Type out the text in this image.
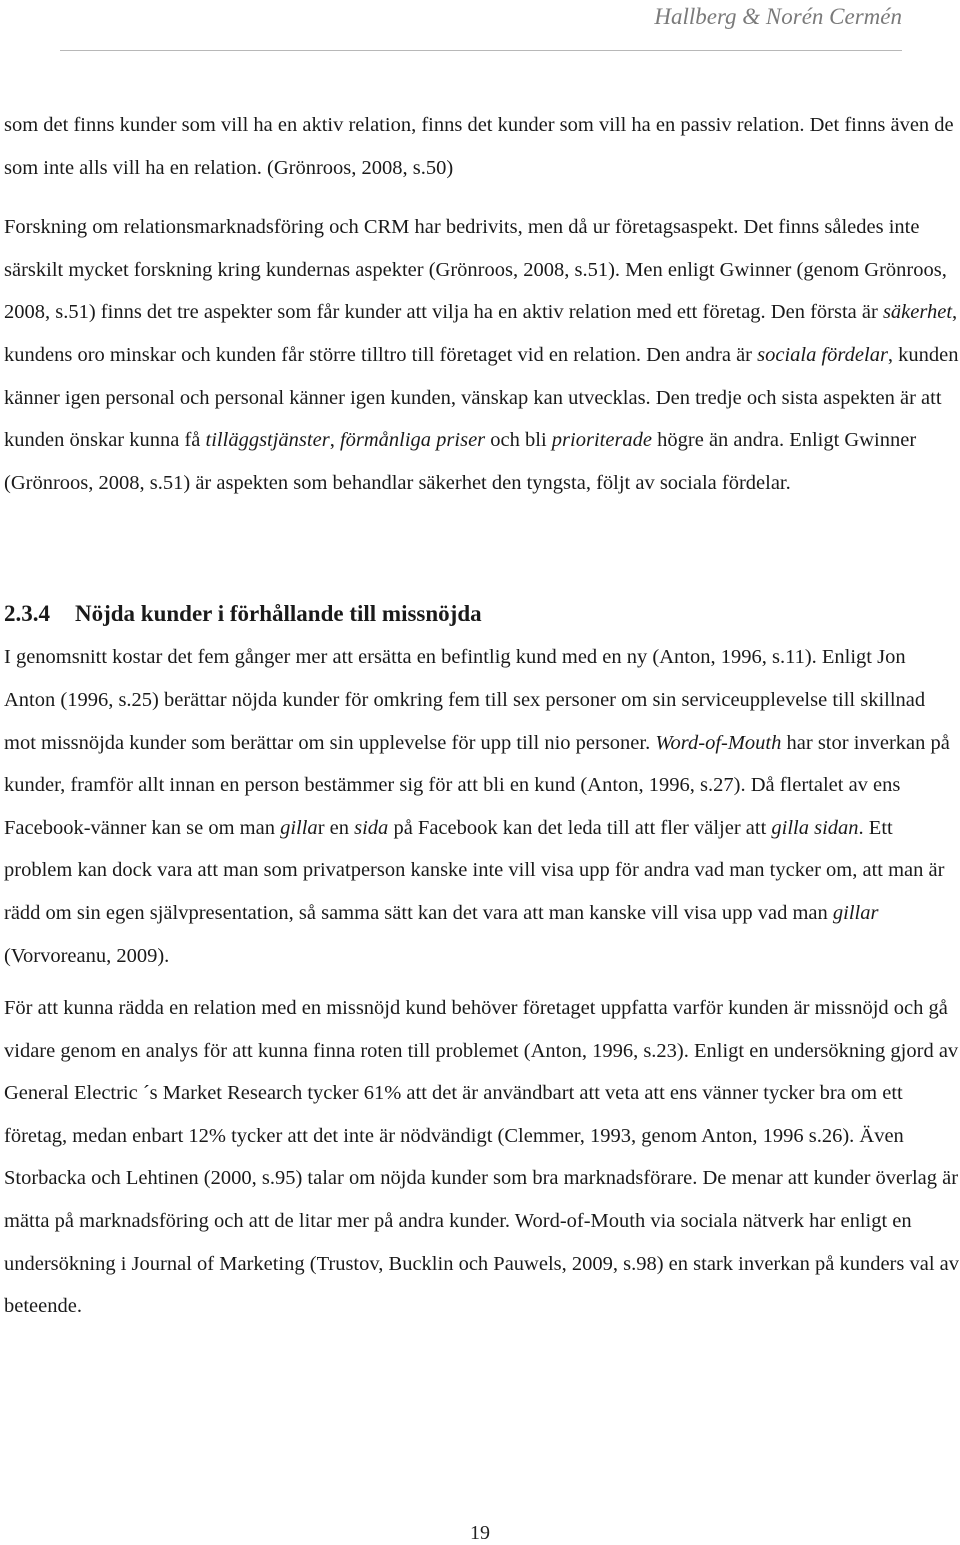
Hallberg & Norén Cermén

som det finns kunder som vill ha en aktiv relation, finns det kunder som vill ha en passiv relation. Det finns även de som inte alls vill ha en relation. (Grönroos, 2008, s.50)

Forskning om relationsmarknadsföring och CRM har bedrivits, men då ur företagsaspekt. Det finns således inte särskilt mycket forskning kring kundernas aspekter (Grönroos, 2008, s.51). Men enligt Gwinner (genom Grönroos, 2008, s.51) finns det tre aspekter som får kunder att vilja ha en aktiv relation med ett företag. Den första är säkerhet, kundens oro minskar och kunden får större tilltro till företaget vid en relation. Den andra är sociala fördelar, kunden känner igen personal och personal känner igen kunden, vänskap kan utvecklas. Den tredje och sista aspekten är att kunden önskar kunna få tilläggstjänster, förmånliga priser och bli prioriterade högre än andra. Enligt Gwinner (Grönroos, 2008, s.51) är aspekten som behandlar säkerhet den tyngsta, följt av sociala fördelar.

2.3.4 Nöjda kunder i förhållande till missnöjda

I genomsnitt kostar det fem gånger mer att ersätta en befintlig kund med en ny (Anton, 1996, s.11). Enligt Jon Anton (1996, s.25) berättar nöjda kunder för omkring fem till sex personer om sin serviceupplevelse till skillnad mot missnöjda kunder som berättar om sin upplevelse för upp till nio personer. Word-of-Mouth har stor inverkan på kunder, framför allt innan en person bestämmer sig för att bli en kund (Anton, 1996, s.27). Då flertalet av ens Facebook-vänner kan se om man gillar en sida på Facebook kan det leda till att fler väljer att gilla sidan. Ett problem kan dock vara att man som privatperson kanske inte vill visa upp för andra vad man tycker om, att man är rädd om sin egen självpresentation, så samma sätt kan det vara att man kanske vill visa upp vad man gillar (Vorvoreanu, 2009).

För att kunna rädda en relation med en missnöjd kund behöver företaget uppfatta varför kunden är missnöjd och gå vidare genom en analys för att kunna finna roten till problemet (Anton, 1996, s.23). Enligt en undersökning gjord av General Electric ´s Market Research tycker 61% att det är användbart att veta att ens vänner tycker bra om ett företag, medan enbart 12% tycker att det inte är nödvändigt (Clemmer, 1993, genom Anton, 1996 s.26). Även Storbacka och Lehtinen (2000, s.95) talar om nöjda kunder som bra marknadsförare. De menar att kunder överlag är mätta på marknadsföring och att de litar mer på andra kunder. Word-of-Mouth via sociala nätverk har enligt en undersökning i Journal of Marketing (Trustov, Bucklin och Pauwels, 2009, s.98) en stark inverkan på kunders val av beteende.

19
